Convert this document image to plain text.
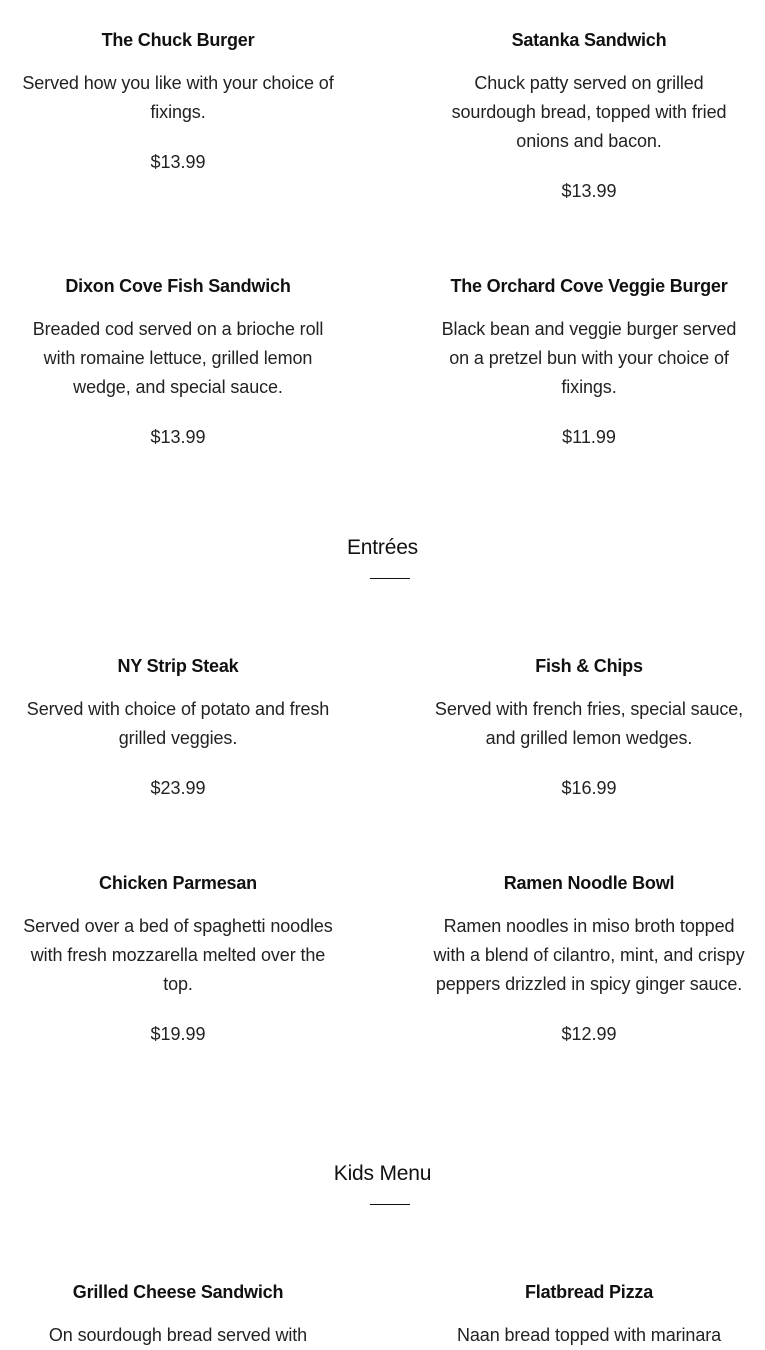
The Chuck Burger

Served how you like with your choice of fixings.

$13.99

Satanka Sandwich

Chuck patty served on grilled sourdough bread, topped with fried onions and bacon.

$13.99

Dixon Cove Fish Sandwich

Breaded cod served on a brioche roll with romaine lettuce, grilled lemon wedge, and special sauce.

$13.99

The Orchard Cove Veggie Burger

Black bean and veggie burger served on a pretzel bun with your choice of fixings.

$11.99

Entrées

NY Strip Steak

Served with choice of potato and fresh grilled veggies.

$23.99

Fish & Chips

Served with french fries, special sauce, and grilled lemon wedges.

$16.99

Chicken Parmesan

Served over a bed of spaghetti noodles with fresh mozzarella melted over the top.

$19.99

Ramen Noodle Bowl

Ramen noodles in miso broth topped with a blend of cilantro, mint, and crispy peppers drizzled in spicy ginger sauce.

$12.99

Kids Menu

Grilled Cheese Sandwich

On sourdough bread served with

Flatbread Pizza

Naan bread topped with marinara
